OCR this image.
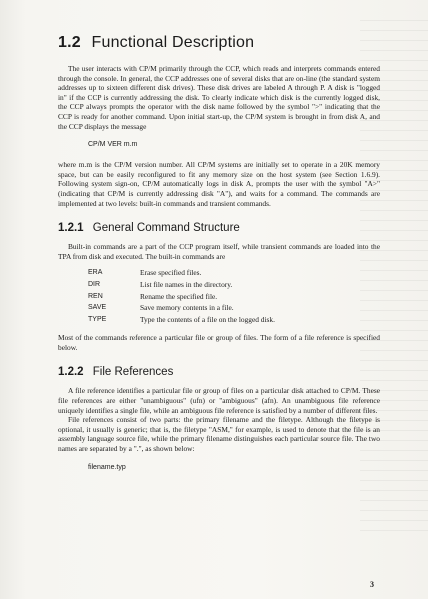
1.2 Functional Description

The user interacts with CP/M primarily through the CCP, which reads and interprets commands entered through the console. In general, the CCP addresses one of several disks that are on-line (the standard system addresses up to sixteen different disk drives). These disk drives are labeled A through P. A disk is "logged in" if the CCP is currently addressing the disk. To clearly indicate which disk is the currently logged disk, the CCP always prompts the operator with the disk name followed by the symbol ">" indicating that the CCP is ready for another command. Upon initial start-up, the CP/M system is brought in from disk A, and the CCP displays the message

CP/M VER m.m

where m.m is the CP/M version number. All CP/M systems are initially set to operate in a 20K memory space, but can be easily reconfigured to fit any memory size on the host system (see Section 1.6.9). Following system sign-on, CP/M automatically logs in disk A, prompts the user with the symbol "A>" (indicating that CP/M is currently addressing disk "A"), and waits for a command. The commands are implemented at two levels: built-in commands and transient commands.

1.2.1 General Command Structure

Built-in commands are a part of the CCP program itself, while transient commands are loaded into the TPA from disk and executed. The built-in commands are

ERA	Erase specified files.
DIR	List file names in the directory.
REN	Rename the specified file.
SAVE	Save memory contents in a file.
TYPE	Type the contents of a file on the logged disk.

Most of the commands reference a particular file or group of files. The form of a file reference is specified below.

1.2.2 File References

A file reference identifies a particular file or group of files on a particular disk attached to CP/M. These file references are either "unambiguous" (ufn) or "ambiguous" (afn). An unambiguous file reference uniquely identifies a single file, while an ambiguous file reference is satisfied by a number of different files.

File references consist of two parts: the primary filename and the filetype. Although the filetype is optional, it usually is generic; that is, the filetype "ASM," for example, is used to denote that the file is an assembly language source file, while the primary filename distinguishes each particular source file. The two names are separated by a ".", as shown below:

filename.typ
3
